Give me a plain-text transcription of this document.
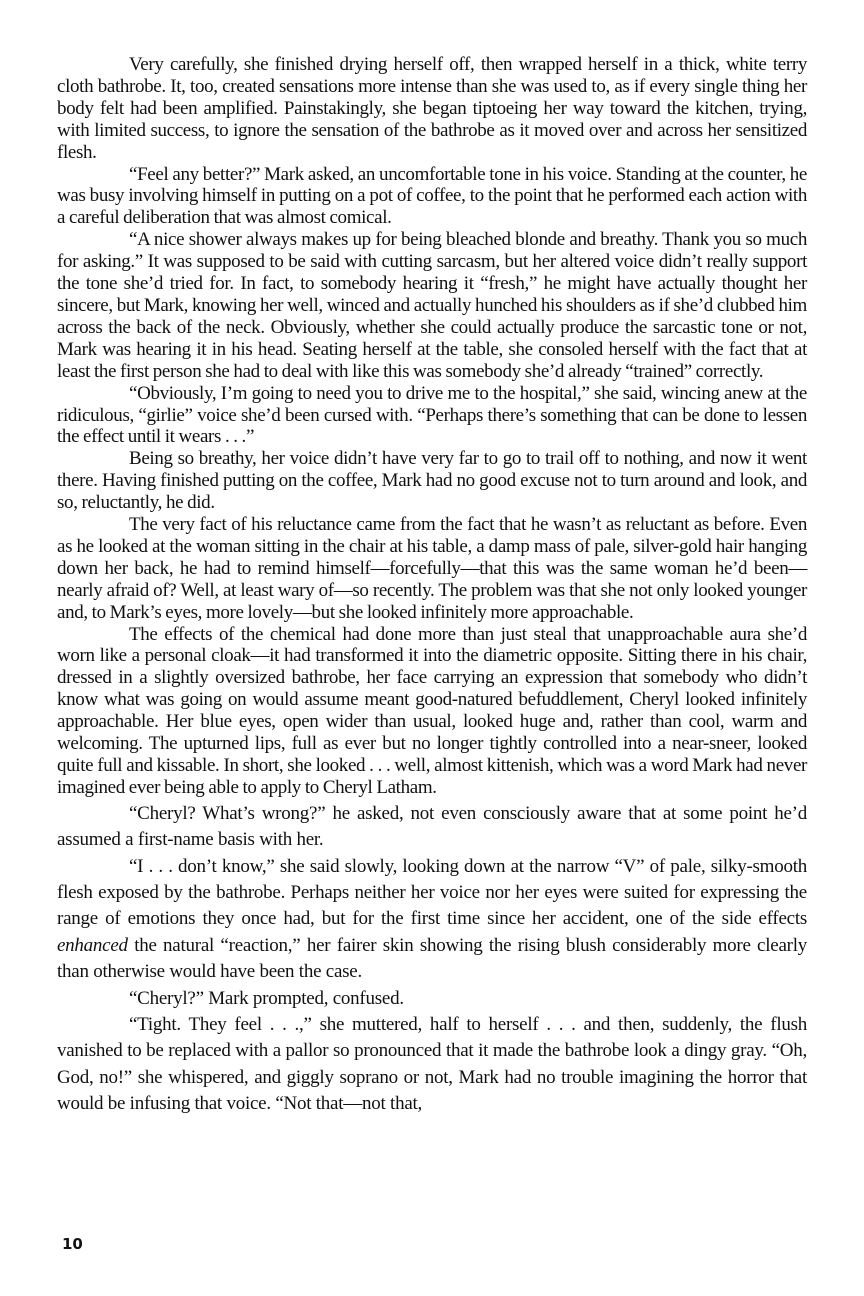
Very carefully, she finished drying herself off, then wrapped herself in a thick, white terry cloth bathrobe. It, too, created sensations more intense than she was used to, as if every single thing her body felt had been amplified. Painstakingly, she began tiptoeing her way toward the kitchen, trying, with limited success, to ignore the sensation of the bathrobe as it moved over and across her sensitized flesh.

“Feel any better?” Mark asked, an uncomfortable tone in his voice. Standing at the counter, he was busy involving himself in putting on a pot of coffee, to the point that he performed each action with a careful deliberation that was almost comical.

“A nice shower always makes up for being bleached blonde and breathy. Thank you so much for asking.” It was supposed to be said with cutting sarcasm, but her altered voice didn’t really support the tone she’d tried for. In fact, to somebody hearing it “fresh,” he might have actually thought her sincere, but Mark, knowing her well, winced and actually hunched his shoulders as if she’d clubbed him across the back of the neck. Obviously, whether she could actually produce the sarcastic tone or not, Mark was hearing it in his head. Seating herself at the table, she consoled herself with the fact that at least the first person she had to deal with like this was somebody she’d already “trained” correctly.

“Obviously, I’m going to need you to drive me to the hospital,” she said, wincing anew at the ridiculous, “girlie” voice she’d been cursed with. “Perhaps there’s something that can be done to lessen the effect until it wears . . .”

Being so breathy, her voice didn’t have very far to go to trail off to nothing, and now it went there. Having finished putting on the coffee, Mark had no good excuse not to turn around and look, and so, reluctantly, he did.

The very fact of his reluctance came from the fact that he wasn’t as reluctant as before. Even as he looked at the woman sitting in the chair at his table, a damp mass of pale, silver-gold hair hanging down her back, he had to remind himself—forcefully—that this was the same woman he’d been—nearly afraid of? Well, at least wary of—so recently. The problem was that she not only looked younger and, to Mark’s eyes, more lovely—but she looked infinitely more approachable.

The effects of the chemical had done more than just steal that unapproachable aura she’d worn like a personal cloak—it had transformed it into the diametric opposite. Sitting there in his chair, dressed in a slightly oversized bathrobe, her face carrying an expression that somebody who didn’t know what was going on would assume meant good-natured befuddlement, Cheryl looked infinitely approachable. Her blue eyes, open wider than usual, looked huge and, rather than cool, warm and welcoming. The upturned lips, full as ever but no longer tightly controlled into a near-sneer, looked quite full and kissable. In short, she looked . . . well, almost kittenish, which was a word Mark had never imagined ever being able to apply to Cheryl Latham.

“Cheryl? What’s wrong?” he asked, not even consciously aware that at some point he’d assumed a first-name basis with her.

“I . . . don’t know,” she said slowly, looking down at the narrow “V” of pale, silky-smooth flesh exposed by the bathrobe. Perhaps neither her voice nor her eyes were suited for expressing the range of emotions they once had, but for the first time since her accident, one of the side effects enhanced the natural “reaction,” her fairer skin showing the rising blush considerably more clearly than otherwise would have been the case.

“Cheryl?” Mark prompted, confused.

“Tight. They feel . . .,” she muttered, half to herself . . . and then, suddenly, the flush vanished to be replaced with a pallor so pronounced that it made the bathrobe look a dingy gray. “Oh, God, no!” she whispered, and giggly soprano or not, Mark had no trouble imagining the horror that would be infusing that voice. “Not that—not that,

10
